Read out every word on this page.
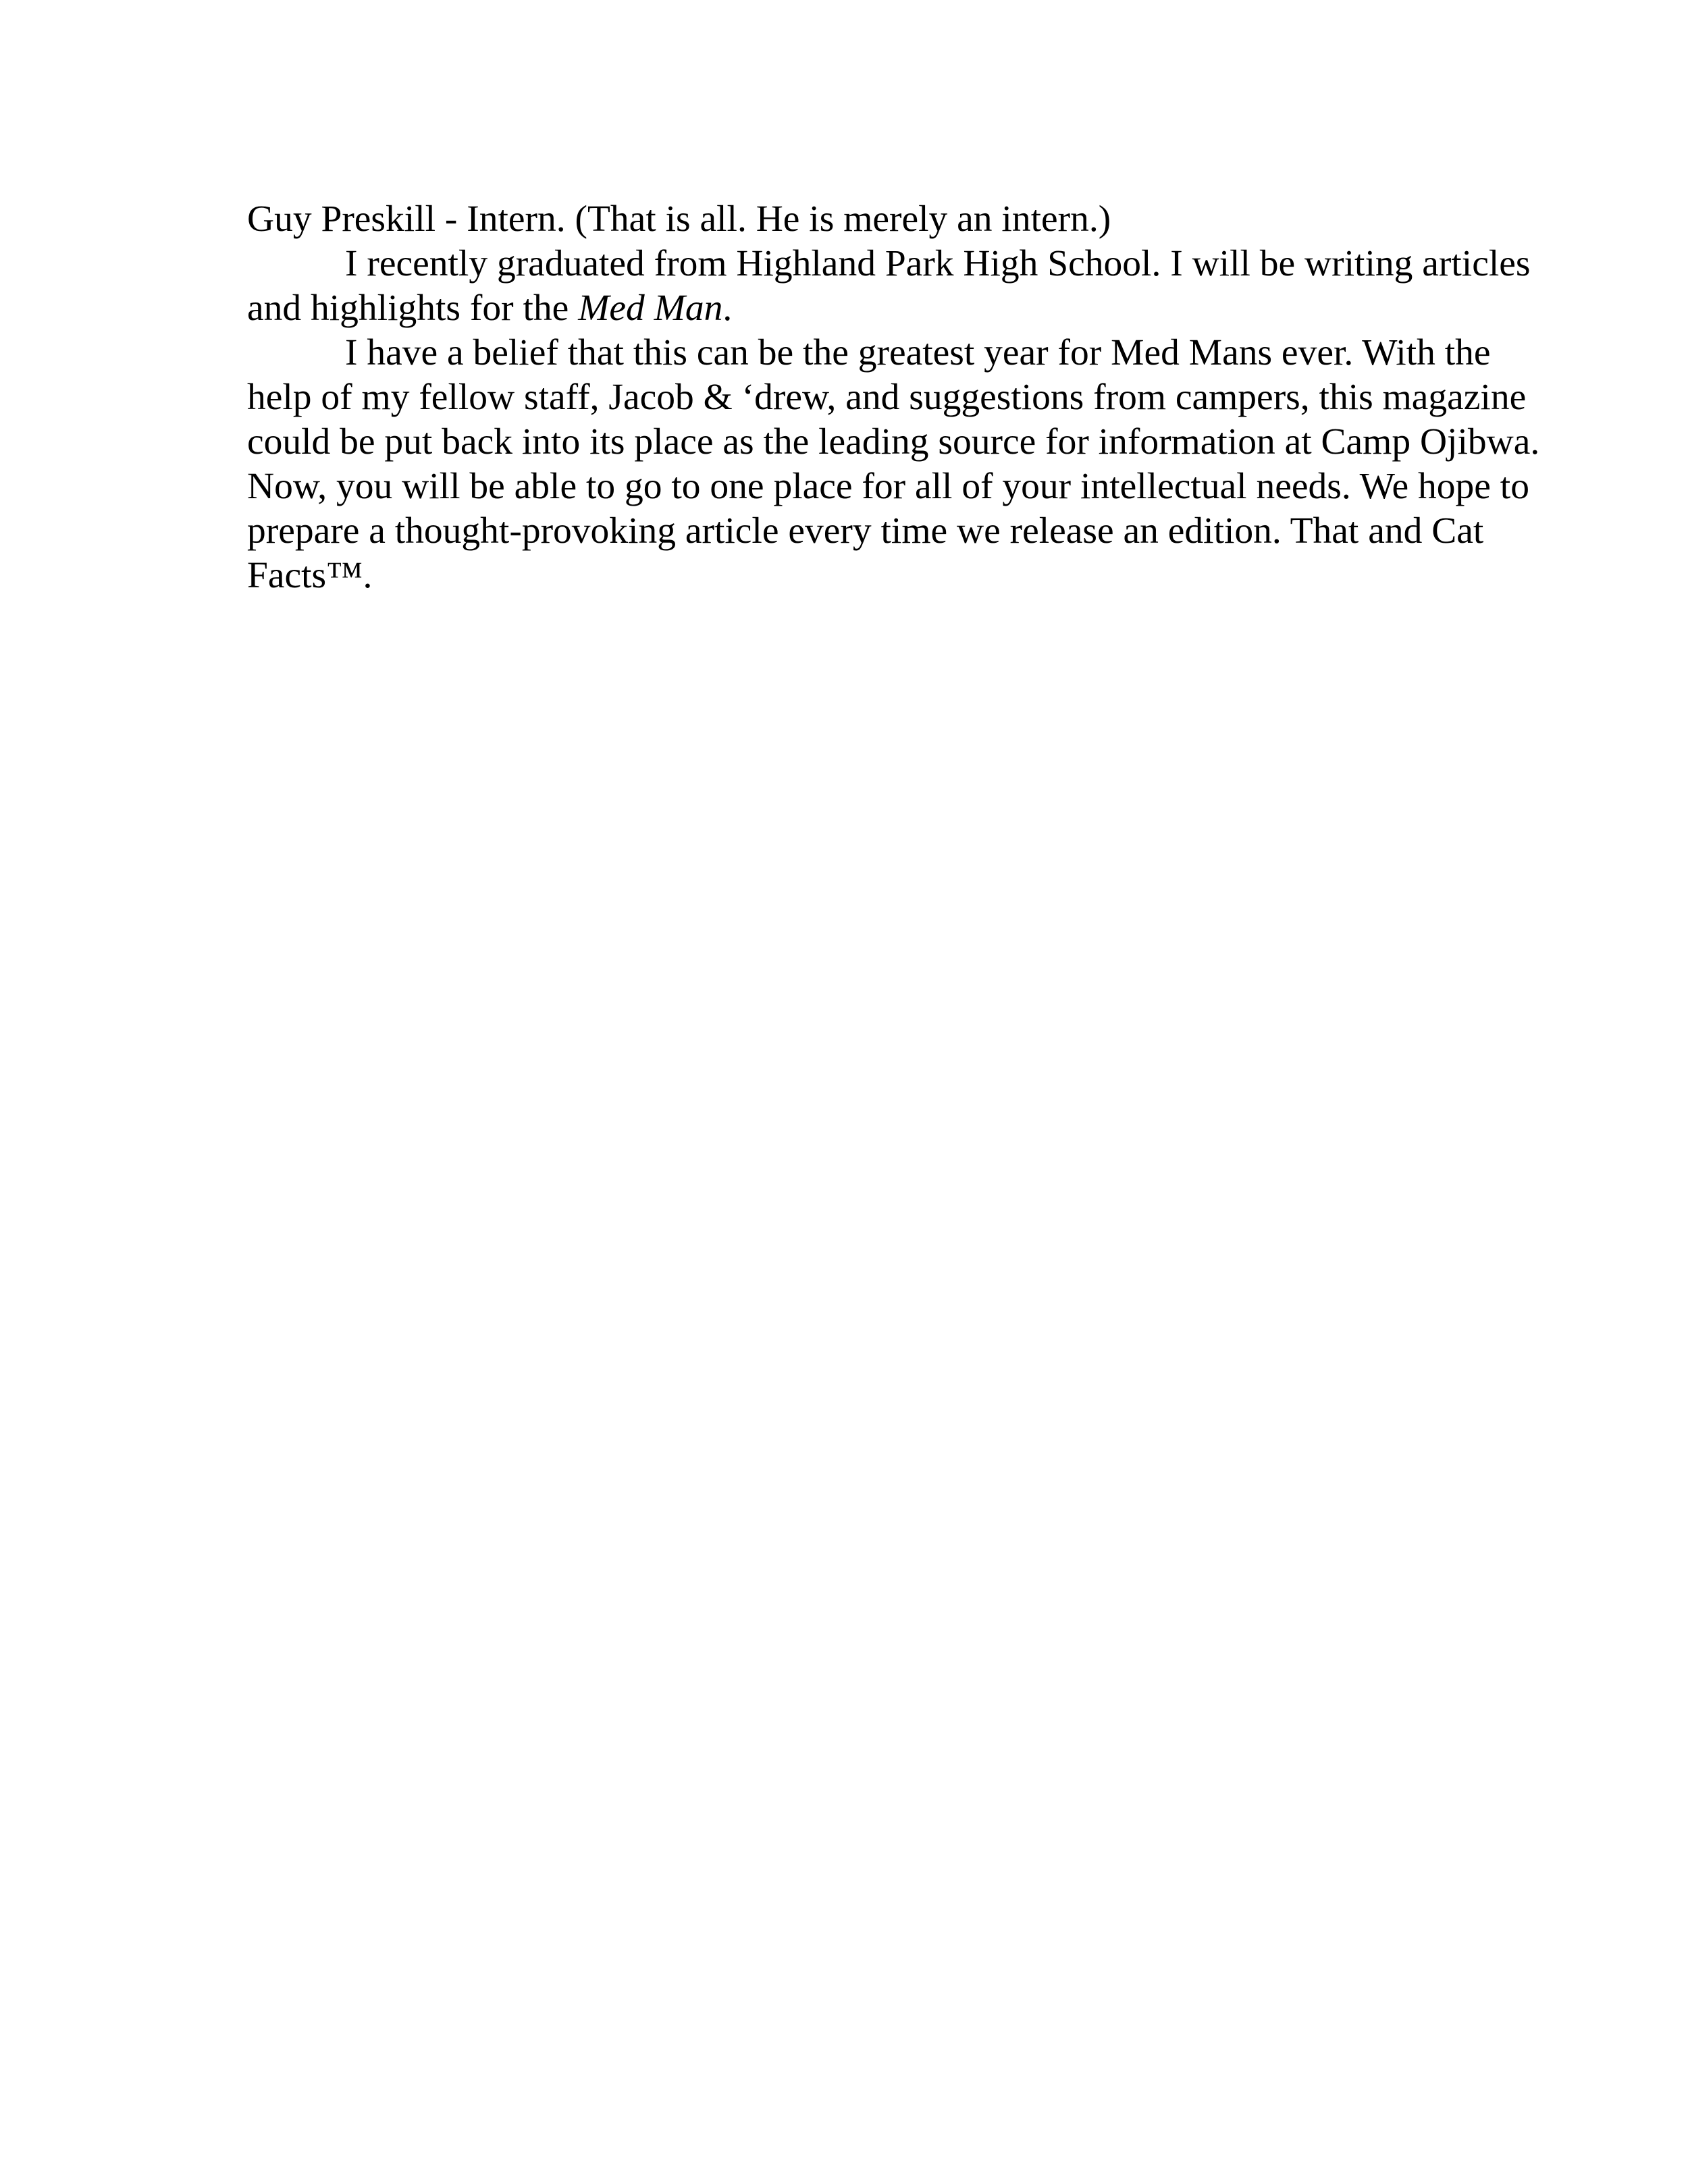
Guy Preskill - Intern. (That is all. He is merely an intern.)
I recently graduated from Highland Park High School. I will be writing articles
and highlights for the Med Man.
I have a belief that this can be the greatest year for Med Mans ever. With the
help of my fellow staff, Jacob & ‘drew, and suggestions from campers, this magazine
could be put back into its place as the leading source for information at Camp Ojibwa.
Now, you will be able to go to one place for all of your intellectual needs. We hope to
prepare a thought-provoking article every time we release an edition. That and Cat
Facts™.
